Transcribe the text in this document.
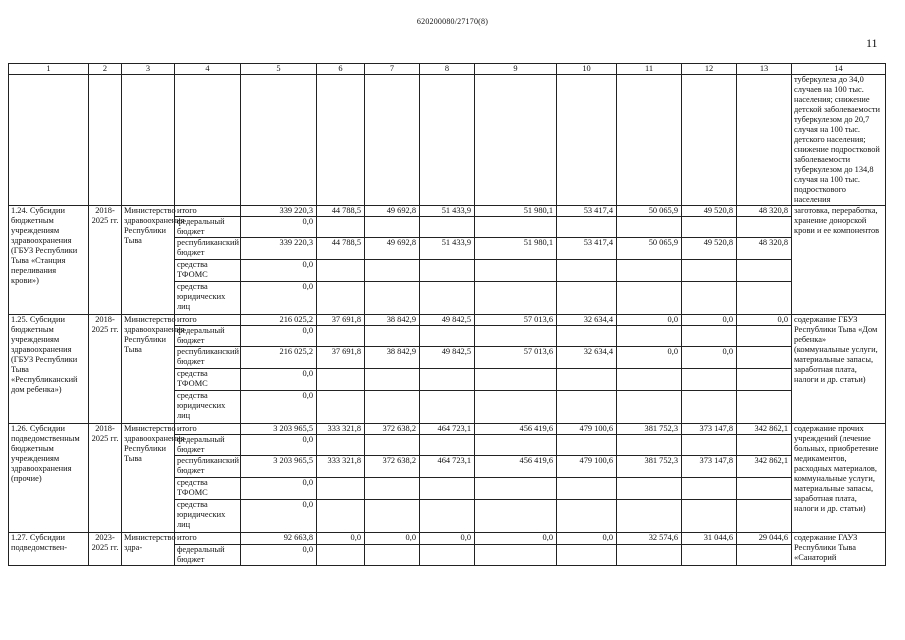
620200080/27170(8)
11
1	2	3	4	5	6	7	8	9	10	11	12	13	14
													туберкулеза до 34,0 случаев на 100 тыс. населения; снижение детской заболеваемости туберкулезом до 20,7 случая на 100 тыс. детского населения; снижение подростковой заболеваемости туберкулезом до 134,8 случая на 100 тыс. подросткового населения
1.24. Субсидии бюджетным учреждениям здравоохранения (ГБУЗ Республики Тыва «Станция переливания крови»)	2018-2025 гг.	Министерство здравоохранения Республики Тыва	итого	339 220,3	44 788,5	49 692,8	51 433,9	51 980,1	53 417,4	50 065,9	49 520,8	48 320,8	заготовка, переработка, хранение донорской крови и ее компонентов
			федеральный бюджет	0,0									
			республиканский бюджет	339 220,3	44 788,5	49 692,8	51 433,9	51 980,1	53 417,4	50 065,9	49 520,8	48 320,8	
			средства ТФОМС	0,0									
			средства юридических лиц	0,0									
1.25. Субсидии бюджетным учреждениям здравоохранения (ГБУЗ Республики Тыва «Республиканский дом ребенка»)	2018-2025 гг.	Министерство здравоохранения Республики Тыва	итого	216 025,2	37 691,8	38 842,9	49 842,5	57 013,6	32 634,4	0,0	0,0	0,0	содержание ГБУЗ Республики Тыва «Дом ребенка» (коммунальные услуги, материальные запасы, заработная плата, налоги и др. статьи)
			федеральный бюджет	0,0									
			республиканский бюджет	216 025,2	37 691,8	38 842,9	49 842,5	57 013,6	32 634,4	0,0	0,0		
			средства ТФОМС	0,0									
			средства юридических лиц	0,0									
1.26. Субсидии подведомственным бюджетным учреждениям здравоохранения (прочие)	2018-2025 гг.	Министерство здравоохранения Республики Тыва	итого	3 203 965,5	333 321,8	372 638,2	464 723,1	456 419,6	479 100,6	381 752,3	373 147,8	342 862,1	содержание прочих учреждений (лечение больных, приобретение медикаментов, расходных материалов, коммунальные услуги, материальные запасы, заработная плата, налоги и др. статьи)
			федеральный бюджет	0,0									
			республиканский бюджет	3 203 965,5	333 321,8	372 638,2	464 723,1	456 419,6	479 100,6	381 752,3	373 147,8	342 862,1	
			средства ТФОМС	0,0									
			средства юридических лиц	0,0									
1.27. Субсидии подведомствен-	2023-2025 гг.	Министерство здра-	итого	92 663,8	0,0	0,0	0,0	0,0	0,0	32 574,6	31 044,6	29 044,6	содержание ГАУЗ Республики Тыва «Санаторий
			федеральный бюджет	0,0									
